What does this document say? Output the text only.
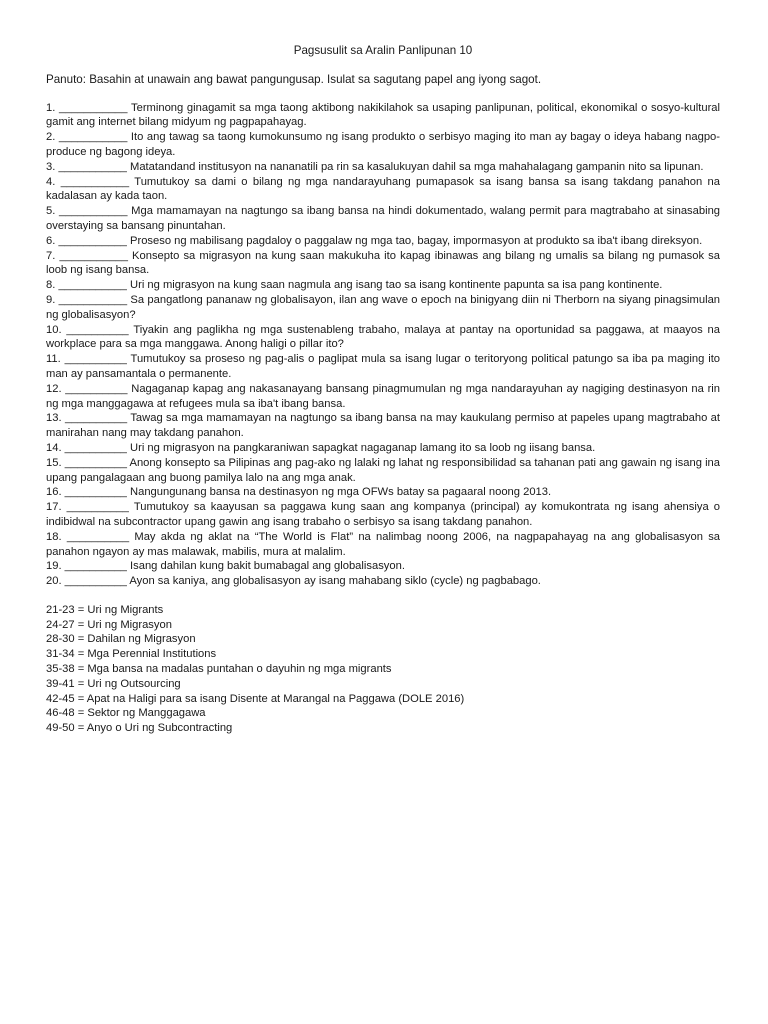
Pagsusulit sa Aralin Panlipunan 10
Panuto: Basahin at unawain ang bawat pangungusap. Isulat sa sagutang papel ang iyong sagot.
1. ___________ Terminong ginagamit sa mga taong aktibong nakikilahok sa usaping panlipunan, political, ekonomikal o sosyo-kultural gamit ang internet bilang midyum ng pagpapahayag.
2. ___________ Ito ang tawag sa taong kumokunsumo ng isang produkto o serbisyo maging ito man ay bagay o ideya habang nagpo-produce ng bagong ideya.
3. ___________ Matatandand institusyon na nananatili pa rin sa kasalukuyan dahil sa mga mahahalagang gampanin nito sa lipunan.
4. ___________ Tumutukoy sa dami o bilang ng mga nandarayuhang pumapasok sa isang bansa sa isang takdang panahon na kadalasan ay kada taon.
5. ___________ Mga mamamayan na nagtungo sa ibang bansa na hindi dokumentado, walang permit para magtrabaho at sinasabing overstaying sa bansang pinuntahan.
6. ___________ Proseso ng mabilisang pagdaloy o paggalaw ng mga tao, bagay, impormasyon at produkto sa iba't ibang direksyon.
7. ___________ Konsepto sa migrasyon na kung saan makukuha ito kapag ibinawas ang bilang ng umalis sa bilang ng pumasok sa loob ng isang bansa.
8. ___________ Uri ng migrasyon na kung saan nagmula ang isang tao sa isang kontinente papunta sa isa pang kontinente.
9. ___________ Sa pangatlong pananaw ng globalisayon, ilan ang wave o epoch na binigyang diin ni Therborn na siyang pinagsimulan ng globalisasyon?
10. __________ Tiyakin ang paglikha ng mga sustenableng trabaho, malaya at pantay na oportunidad sa paggawa, at maayos na workplace para sa mga manggawa. Anong haligi o pillar ito?
11. __________ Tumutukoy sa proseso ng pag-alis o paglipat mula sa isang lugar o teritoryong political patungo sa iba pa maging ito man ay pansamantala o permanente.
12. __________ Nagaganap kapag ang nakasanayang bansang pinagmumulan ng mga nandarayuhan ay nagiging destinasyon na rin ng mga manggagawa at refugees mula sa iba't ibang bansa.
13. __________ Tawag sa mga mamamayan na nagtungo sa ibang bansa na may kaukulang permiso at papeles upang magtrabaho at manirahan nang may takdang panahon.
14. __________ Uri ng migrasyon na pangkaraniwan sapagkat nagaganap lamang ito sa loob ng iisang bansa.
15. __________ Anong konsepto sa Pilipinas ang pag-ako ng lalaki ng lahat ng responsibilidad sa tahanan pati ang gawain ng isang ina upang pangalagaan ang buong pamilya lalo na ang mga anak.
16. __________ Nangungunang bansa na destinasyon ng mga OFWs batay sa pagaaral noong 2013.
17. __________ Tumutukoy sa kaayusan sa paggawa kung saan ang kompanya (principal) ay komukontrata ng isang ahensiya o indibidwal na subcontractor upang gawin ang isang trabaho o serbisyo sa isang takdang panahon.
18. __________ May akda ng aklat na “The World is Flat” na nalimbag noong 2006, na nagpapahayag na ang globalisasyon sa panahon ngayon ay mas malawak, mabilis, mura at malalim.
19. __________ Isang dahilan kung bakit bumabagal ang globalisasyon.
20. __________ Ayon sa kaniya, ang globalisasyon ay isang mahabang siklo (cycle) ng pagbabago.
21-23 = Uri ng Migrants
24-27 = Uri ng Migrasyon
28-30 = Dahilan ng Migrasyon
31-34 = Mga Perennial Institutions
35-38 = Mga bansa na madalas puntahan o dayuhin ng mga migrants
39-41 = Uri ng Outsourcing
42-45 = Apat na Haligi para sa isang Disente at Marangal na Paggawa (DOLE 2016)
46-48 = Sektor ng Manggagawa
49-50 = Anyo o Uri ng Subcontracting
